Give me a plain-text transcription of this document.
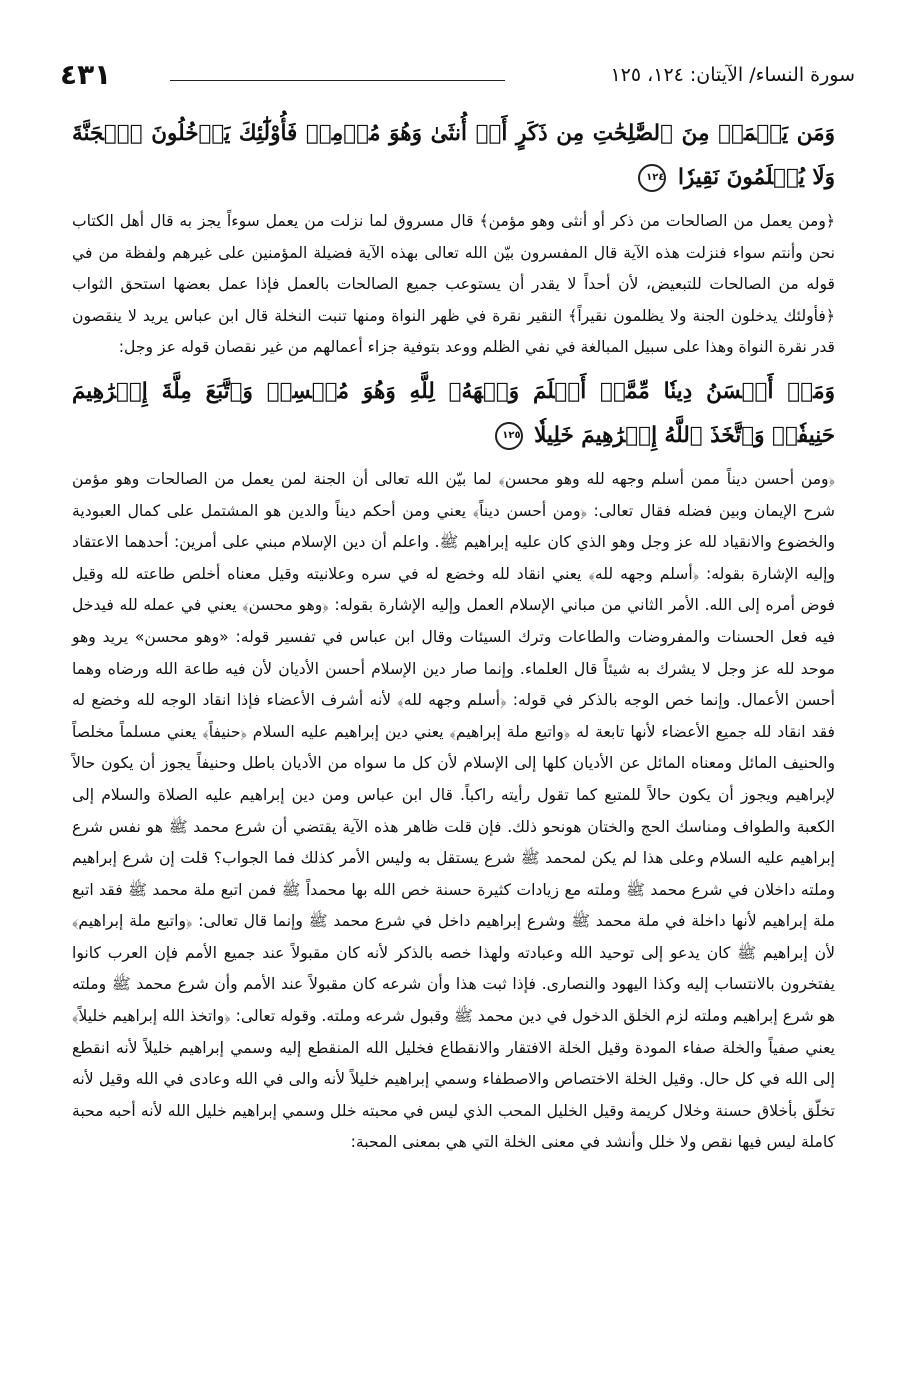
سورة النساء/ الآيتان: ١٢٤، ١٢٥
٤٣١

وَمَن يَعۡمَلۡ مِنَ ٱلصَّٰلِحَٰتِ مِن ذَكَرٍ أَوۡ أُنثَىٰ وَهُوَ مُؤۡمِنٞ فَأُوْلَٰٓئِكَ يَدۡخُلُونَ ٱلۡجَنَّةَ وَلَا يُظۡلَمُونَ نَقِيرٗا ١٢٤

﴿ومن يعمل من الصالحات من ذكر أو أنثى وهو مؤمن﴾ قال مسروق لما نزلت من يعمل سوءاً يجز به قال أهل الكتاب نحن وأنتم سواء فنزلت هذه الآية قال المفسرون بيّن الله تعالى بهذه الآية فضيلة المؤمنين على غيرهم ولفظة من في قوله من الصالحات للتبعيض، لأن أحداً لا يقدر أن يستوعب جميع الصالحات بالعمل فإذا عمل بعضها استحق الثواب ﴿فأولئك يدخلون الجنة ولا يظلمون نقيراً﴾ النقير نقرة في ظهر النواة ومنها تنبت النخلة قال ابن عباس يريد لا ينقصون قدر نقرة النواة وهذا على سبيل المبالغة في نفي الظلم ووعد بتوفية جزاء أعمالهم من غير نقصان قوله عز وجل:

وَمَنۡ أَحۡسَنُ دِينٗا مِّمَّنۡ أَسۡلَمَ وَجۡهَهُۥ لِلَّهِ وَهُوَ مُحۡسِنٞ وَٱتَّبَعَ مِلَّةَ إِبۡرَٰهِيمَ حَنِيفٗاۗ وَٱتَّخَذَ ٱللَّهُ إِبۡرَٰهِيمَ خَلِيلٗا ١٢٥

﴿ومن أحسن ديناً ممن أسلم وجهه لله وهو محسن﴾ لما بيّن الله تعالى أن الجنة لمن يعمل من الصالحات وهو مؤمن شرح الإيمان وبين فضله فقال تعالى: ﴿ومن أحسن ديناً﴾ يعني ومن أحكم ديناً والدين هو المشتمل على كمال العبودية والخضوع والانقياد لله عز وجل وهو الذي كان عليه إبراهيم ﷺ. واعلم أن دين الإسلام مبني على أمرين: أحدهما الاعتقاد وإليه الإشارة بقوله: ﴿أسلم وجهه لله﴾ يعني انقاد لله وخضع له في سره وعلانيته وقيل معناه أخلص طاعته لله وقيل فوض أمره إلى الله. الأمر الثاني من مباني الإسلام العمل وإليه الإشارة بقوله: ﴿وهو محسن﴾ يعني في عمله لله فيدخل فيه فعل الحسنات والمفروضات والطاعات وترك السيئات وقال ابن عباس في تفسير قوله: «وهو محسن» يريد وهو موحد لله عز وجل لا يشرك به شيئاً قال العلماء. وإنما صار دين الإسلام أحسن الأديان لأن فيه طاعة الله ورضاه وهما أحسن الأعمال. وإنما خص الوجه بالذكر في قوله: ﴿أسلم وجهه لله﴾ لأنه أشرف الأعضاء فإذا انقاد الوجه لله وخضع له فقد انقاد لله جميع الأعضاء لأنها تابعة له ﴿واتبع ملة إبراهيم﴾ يعني دين إبراهيم عليه السلام ﴿حنيفاً﴾ يعني مسلماً مخلصاً والحنيف المائل ومعناه المائل عن الأديان كلها إلى الإسلام لأن كل ما سواه من الأديان باطل وحنيفاً يجوز أن يكون حالاً لإبراهيم ويجوز أن يكون حالاً للمتبع كما تقول رأيته راكباً. قال ابن عباس ومن دين إبراهيم عليه الصلاة والسلام إلى الكعبة والطواف ومناسك الحج والختان هونحو ذلك. فإن قلت ظاهر هذه الآية يقتضي أن شرع محمد ﷺ هو نفس شرع إبراهيم عليه السلام وعلى هذا لم يكن لمحمد ﷺ شرع يستقل به وليس الأمر كذلك فما الجواب؟ قلت إن شرع إبراهيم وملته داخلان في شرع محمد ﷺ وملته مع زيادات كثيرة حسنة خص الله بها محمداً ﷺ فمن اتبع ملة محمد ﷺ فقد اتبع ملة إبراهيم لأنها داخلة في ملة محمد ﷺ وشرع إبراهيم داخل في شرع محمد ﷺ وإنما قال تعالى: ﴿واتبع ملة إبراهيم﴾ لأن إبراهيم ﷺ كان يدعو إلى توحيد الله وعبادته ولهذا خصه بالذكر لأنه كان مقبولاً عند جميع الأمم فإن العرب كانوا يفتخرون بالانتساب إليه وكذا اليهود والنصارى. فإذا ثبت هذا وأن شرعه كان مقبولاً عند الأمم وأن شرع محمد ﷺ وملته هو شرع إبراهيم وملته لزم الخلق الدخول في دين محمد ﷺ وقبول شرعه وملته. وقوله تعالى: ﴿واتخذ الله إبراهيم خليلاً﴾ يعني صفياً والخلة صفاء المودة وقيل الخلة الافتقار والانقطاع فخليل الله المنقطع إليه وسمي إبراهيم خليلاً لأنه انقطع إلى الله في كل حال. وقيل الخلة الاختصاص والاصطفاء وسمي إبراهيم خليلاً لأنه والى في الله وعادى في الله وقيل لأنه تخلّق بأخلاق حسنة وخلال كريمة وقيل الخليل المحب الذي ليس في محبته خلل وسمي إبراهيم خليل الله لأنه أحبه محبة كاملة ليس فيها نقص ولا خلل وأنشد في معنى الخلة التي هي بمعنى المحبة:
